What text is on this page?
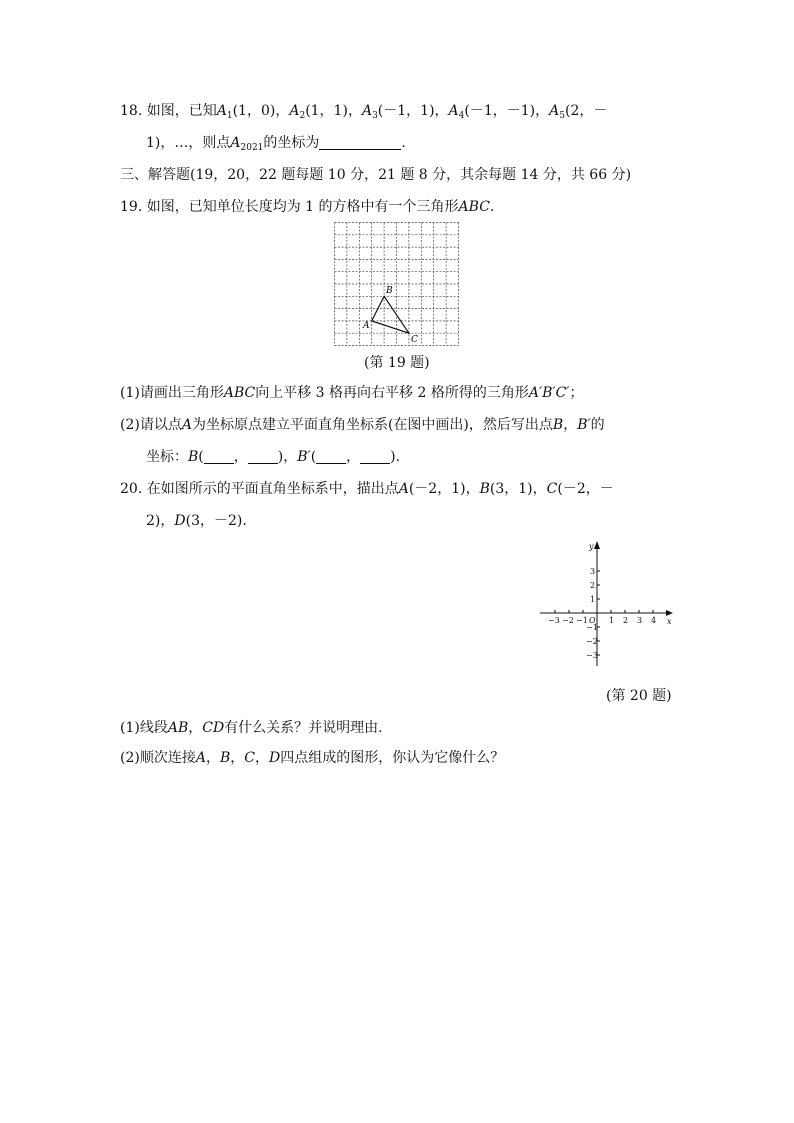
18. 如图，已知$A_1(1$，0)，$A_2(1$，1)，$A_3(-1$，1)，$A_4(-1$，－1)，$A_5(2$，－
1)，…，则点$A_{2021}$的坐标为	.
三、解答题(19，20，22 题每题 10 分，21 题 8 分，其余每题 14 分，共 66 分)
19. 如图，已知单位长度均为 1 的方格中有一个三角形ABC.
A
B
C
(第 19 题)
(1)请画出三角形ABC向上平移 3 格再向右平移 2 格所得的三角形A′B′C′；
(2)请以点A为坐标原点建立平面直角坐标系(在图中画出)，然后写出点B，B′的
坐标：B( ， )，B′( ， ).
20. 在如图所示的平面直角坐标系中，描出点A(－2，1)，B(3，1)，C(－2，－
2)，D(3，－2).
−3 −2 −1 O 1 2 3 4 x
y
3
2
1
−1
−2
−3
(第 20 题)
(1)线段AB，CD有什么关系？并说明理由.
(2)顺次连接A，B，C，D四点组成的图形，你认为它像什么？
